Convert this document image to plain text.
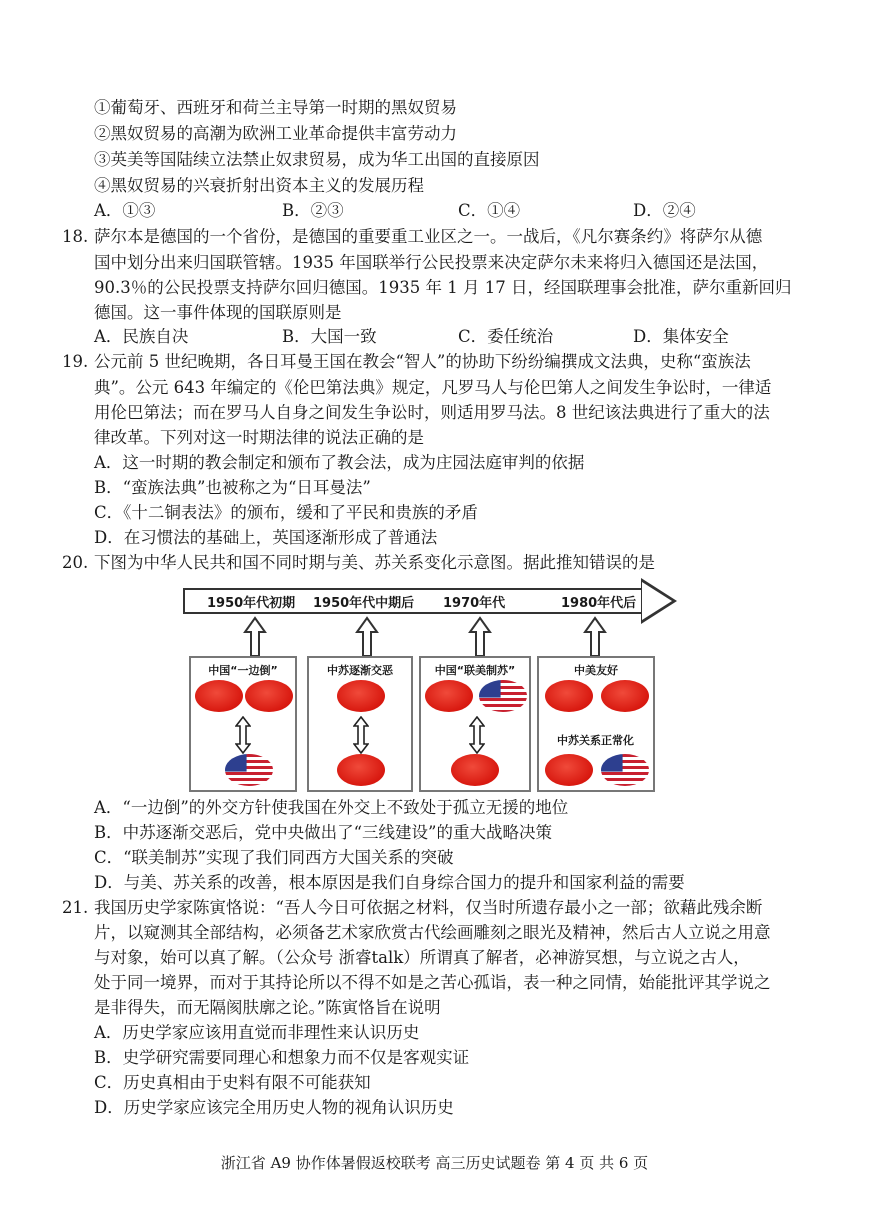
①葡萄牙、西班牙和荷兰主导第一时期的黑奴贸易
②黑奴贸易的高潮为欧洲工业革命提供丰富劳动力
③英美等国陆续立法禁止奴隶贸易，成为华工出国的直接原因
④黑奴贸易的兴衰折射出资本主义的发展历程
A．①③	B．②③	C．①④	D．②④
18. 萨尔本是德国的一个省份，是德国的重要重工业区之一。一战后，《凡尔赛条约》将萨尔从德
国中划分出来归国联管辖。1935 年国联举行公民投票来决定萨尔未来将归入德国还是法国，
90.3％的公民投票支持萨尔回归德国。1935 年 1 月 17 日，经国联理事会批准，萨尔重新回归
德国。这一事件体现的国联原则是
A．民族自决	B．大国一致	C．委任统治	D．集体安全
19. 公元前 5 世纪晚期，各日耳曼王国在教会“智人”的协助下纷纷编撰成文法典，史称“蛮族法
典”。公元 643 年编定的《伦巴第法典》规定，凡罗马人与伦巴第人之间发生争讼时，一律适
用伦巴第法；而在罗马人自身之间发生争讼时，则适用罗马法。8 世纪该法典进行了重大的法
律改革。下列对这一时期法律的说法正确的是
A．这一时期的教会制定和颁布了教会法，成为庄园法庭审判的依据
B．“蛮族法典”也被称之为“日耳曼法”
C．《十二铜表法》的颁布，缓和了平民和贵族的矛盾
D．在习惯法的基础上，英国逐渐形成了普通法
20. 下图为中华人民共和国不同时期与美、苏关系变化示意图。据此推知错误的是
1950年代初期 1950年代中期后 1970年代	1980年代后
中国“一边倒”	中苏逐渐交恶	中国“联美制苏”	中美友好
中苏关系正常化
A．“一边倒”的外交方针使我国在外交上不致处于孤立无援的地位
B．中苏逐渐交恶后，党中央做出了“三线建设”的重大战略决策
C．“联美制苏”实现了我们同西方大国关系的突破
D．与美、苏关系的改善，根本原因是我们自身综合国力的提升和国家利益的需要
21. 我国历史学家陈寅恪说：“吾人今日可依据之材料，仅当时所遗存最小之一部；欲藉此残余断
片，以窥测其全部结构，必须备艺术家欣赏古代绘画雕刻之眼光及精神，然后古人立说之用意
与对象，始可以真了解。（公众号 浙睿talk）所谓真了解者，必神游冥想，与立说之古人，
处于同一境界，而对于其持论所以不得不如是之苦心孤诣，表一种之同情，始能批评其学说之
是非得失，而无隔阂肤廓之论。”陈寅恪旨在说明
A．历史学家应该用直觉而非理性来认识历史
B．史学研究需要同理心和想象力而不仅是客观实证
C．历史真相由于史料有限不可能获知
D．历史学家应该完全用历史人物的视角认识历史
浙江省 A9 协作体暑假返校联考 高三历史试题卷 第 4 页 共 6 页
